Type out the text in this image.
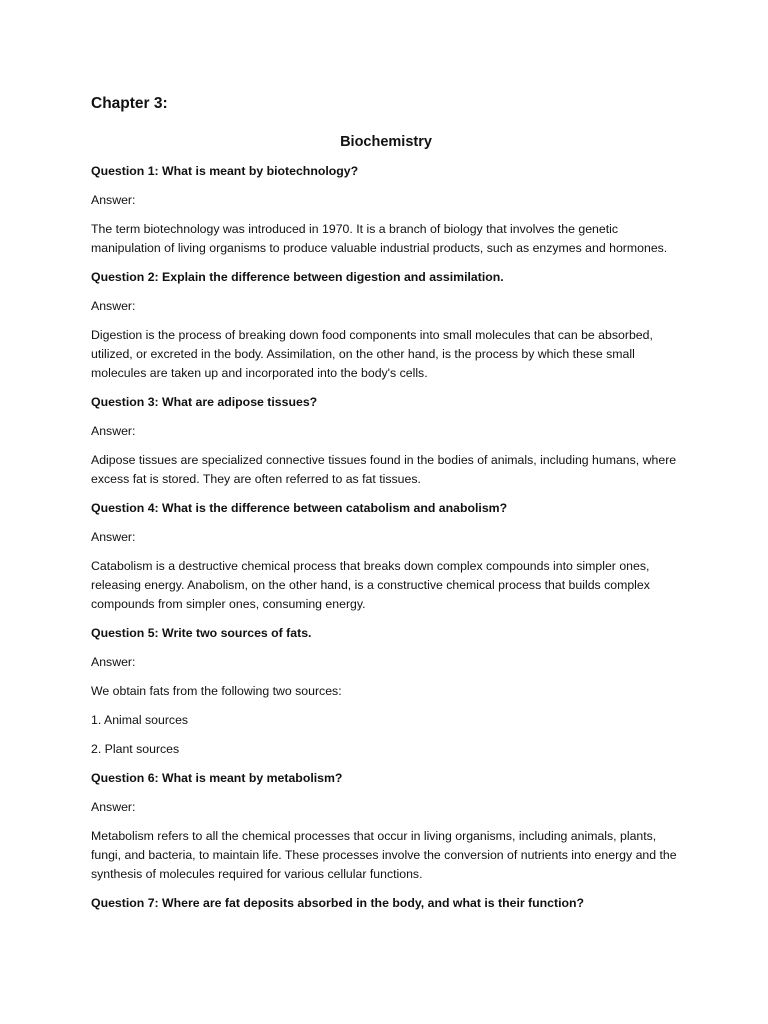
Chapter 3:
Biochemistry
Question 1: What is meant by biotechnology?
Answer:
The term biotechnology was introduced in 1970. It is a branch of biology that involves the genetic manipulation of living organisms to produce valuable industrial products, such as enzymes and hormones.
Question 2: Explain the difference between digestion and assimilation.
Answer:
Digestion is the process of breaking down food components into small molecules that can be absorbed, utilized, or excreted in the body. Assimilation, on the other hand, is the process by which these small molecules are taken up and incorporated into the body's cells.
Question 3: What are adipose tissues?
Answer:
Adipose tissues are specialized connective tissues found in the bodies of animals, including humans, where excess fat is stored. They are often referred to as fat tissues.
Question 4: What is the difference between catabolism and anabolism?
Answer:
Catabolism is a destructive chemical process that breaks down complex compounds into simpler ones, releasing energy. Anabolism, on the other hand, is a constructive chemical process that builds complex compounds from simpler ones, consuming energy.
Question 5: Write two sources of fats.
Answer:
We obtain fats from the following two sources:
1. Animal sources
2. Plant sources
Question 6: What is meant by metabolism?
Answer:
Metabolism refers to all the chemical processes that occur in living organisms, including animals, plants, fungi, and bacteria, to maintain life. These processes involve the conversion of nutrients into energy and the synthesis of molecules required for various cellular functions.
Question 7: Where are fat deposits absorbed in the body, and what is their function?
